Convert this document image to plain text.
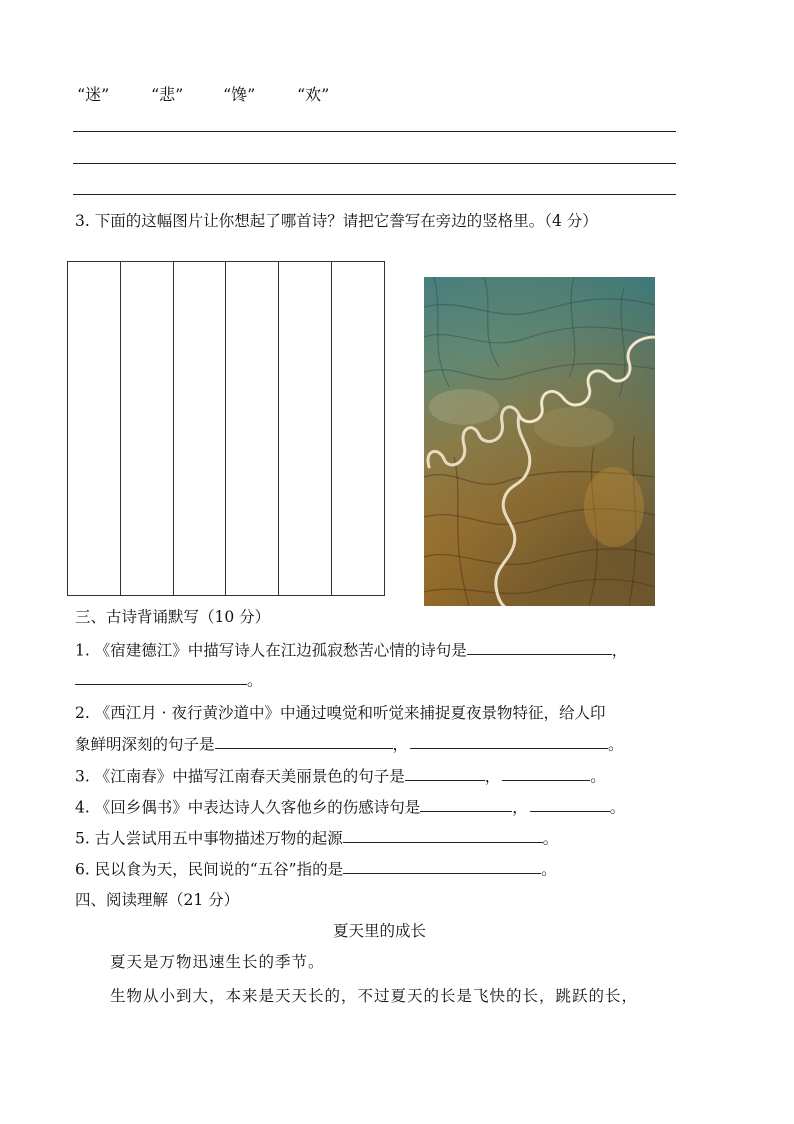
“迷”	“悲” “馋”	“欢”
3. 下面的这幅图片让你想起了哪首诗？请把它誊写在旁边的竖格里。（4 分）
三、古诗背诵默写（10 分）
1. 《宿建德江》中描写诗人在江边孤寂愁苦心情的诗句是	，
。
2. 《西江月 · 夜行黄沙道中》中通过嗅觉和听觉来捕捉夏夜景物特征，给人印
象鲜明深刻的句子是	，	。
3. 《江南春》中描写江南春天美丽景色的句子是	，	。
4. 《回乡偶书》中表达诗人久客他乡的伤感诗句是	，	。
5. 古人尝试用五中事物描述万物的起源	。
6. 民以食为天，民间说的“五谷”指的是	。
四、阅读理解（21 分）
夏天里的成长
夏天是万物迅速生长的季节。
生物从小到大，本来是天天长的，不过夏天的长是飞快的长，跳跃的长，
